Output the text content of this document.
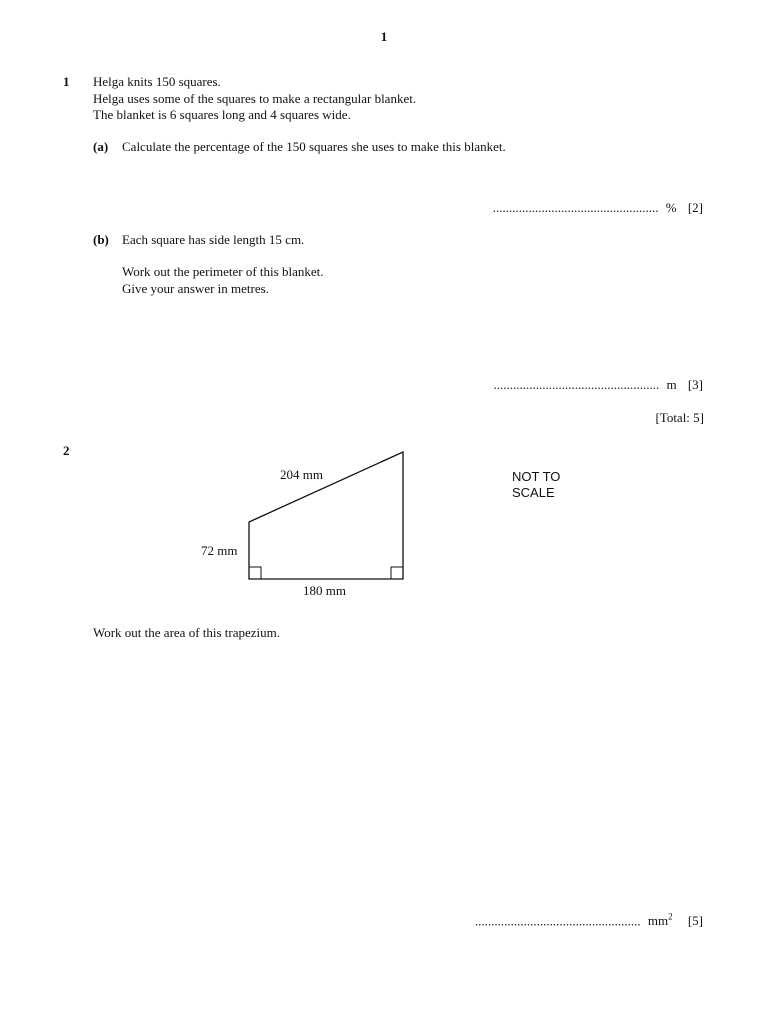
1
1 Helga knits 150 squares.
Helga uses some of the squares to make a rectangular blanket.
The blanket is 6 squares long and 4 squares wide.
(a) Calculate the percentage of the 150 squares she uses to make this blanket.
................................................... % [2]
(b) Each square has side length 15 cm.
Work out the perimeter of this blanket.
Give your answer in metres.
................................................... m [3]
[Total: 5]
2
204 mm
72 mm
180 mm
NOT TO
SCALE
Work out the area of this trapezium.
................................................... $mm^2$ [5]
